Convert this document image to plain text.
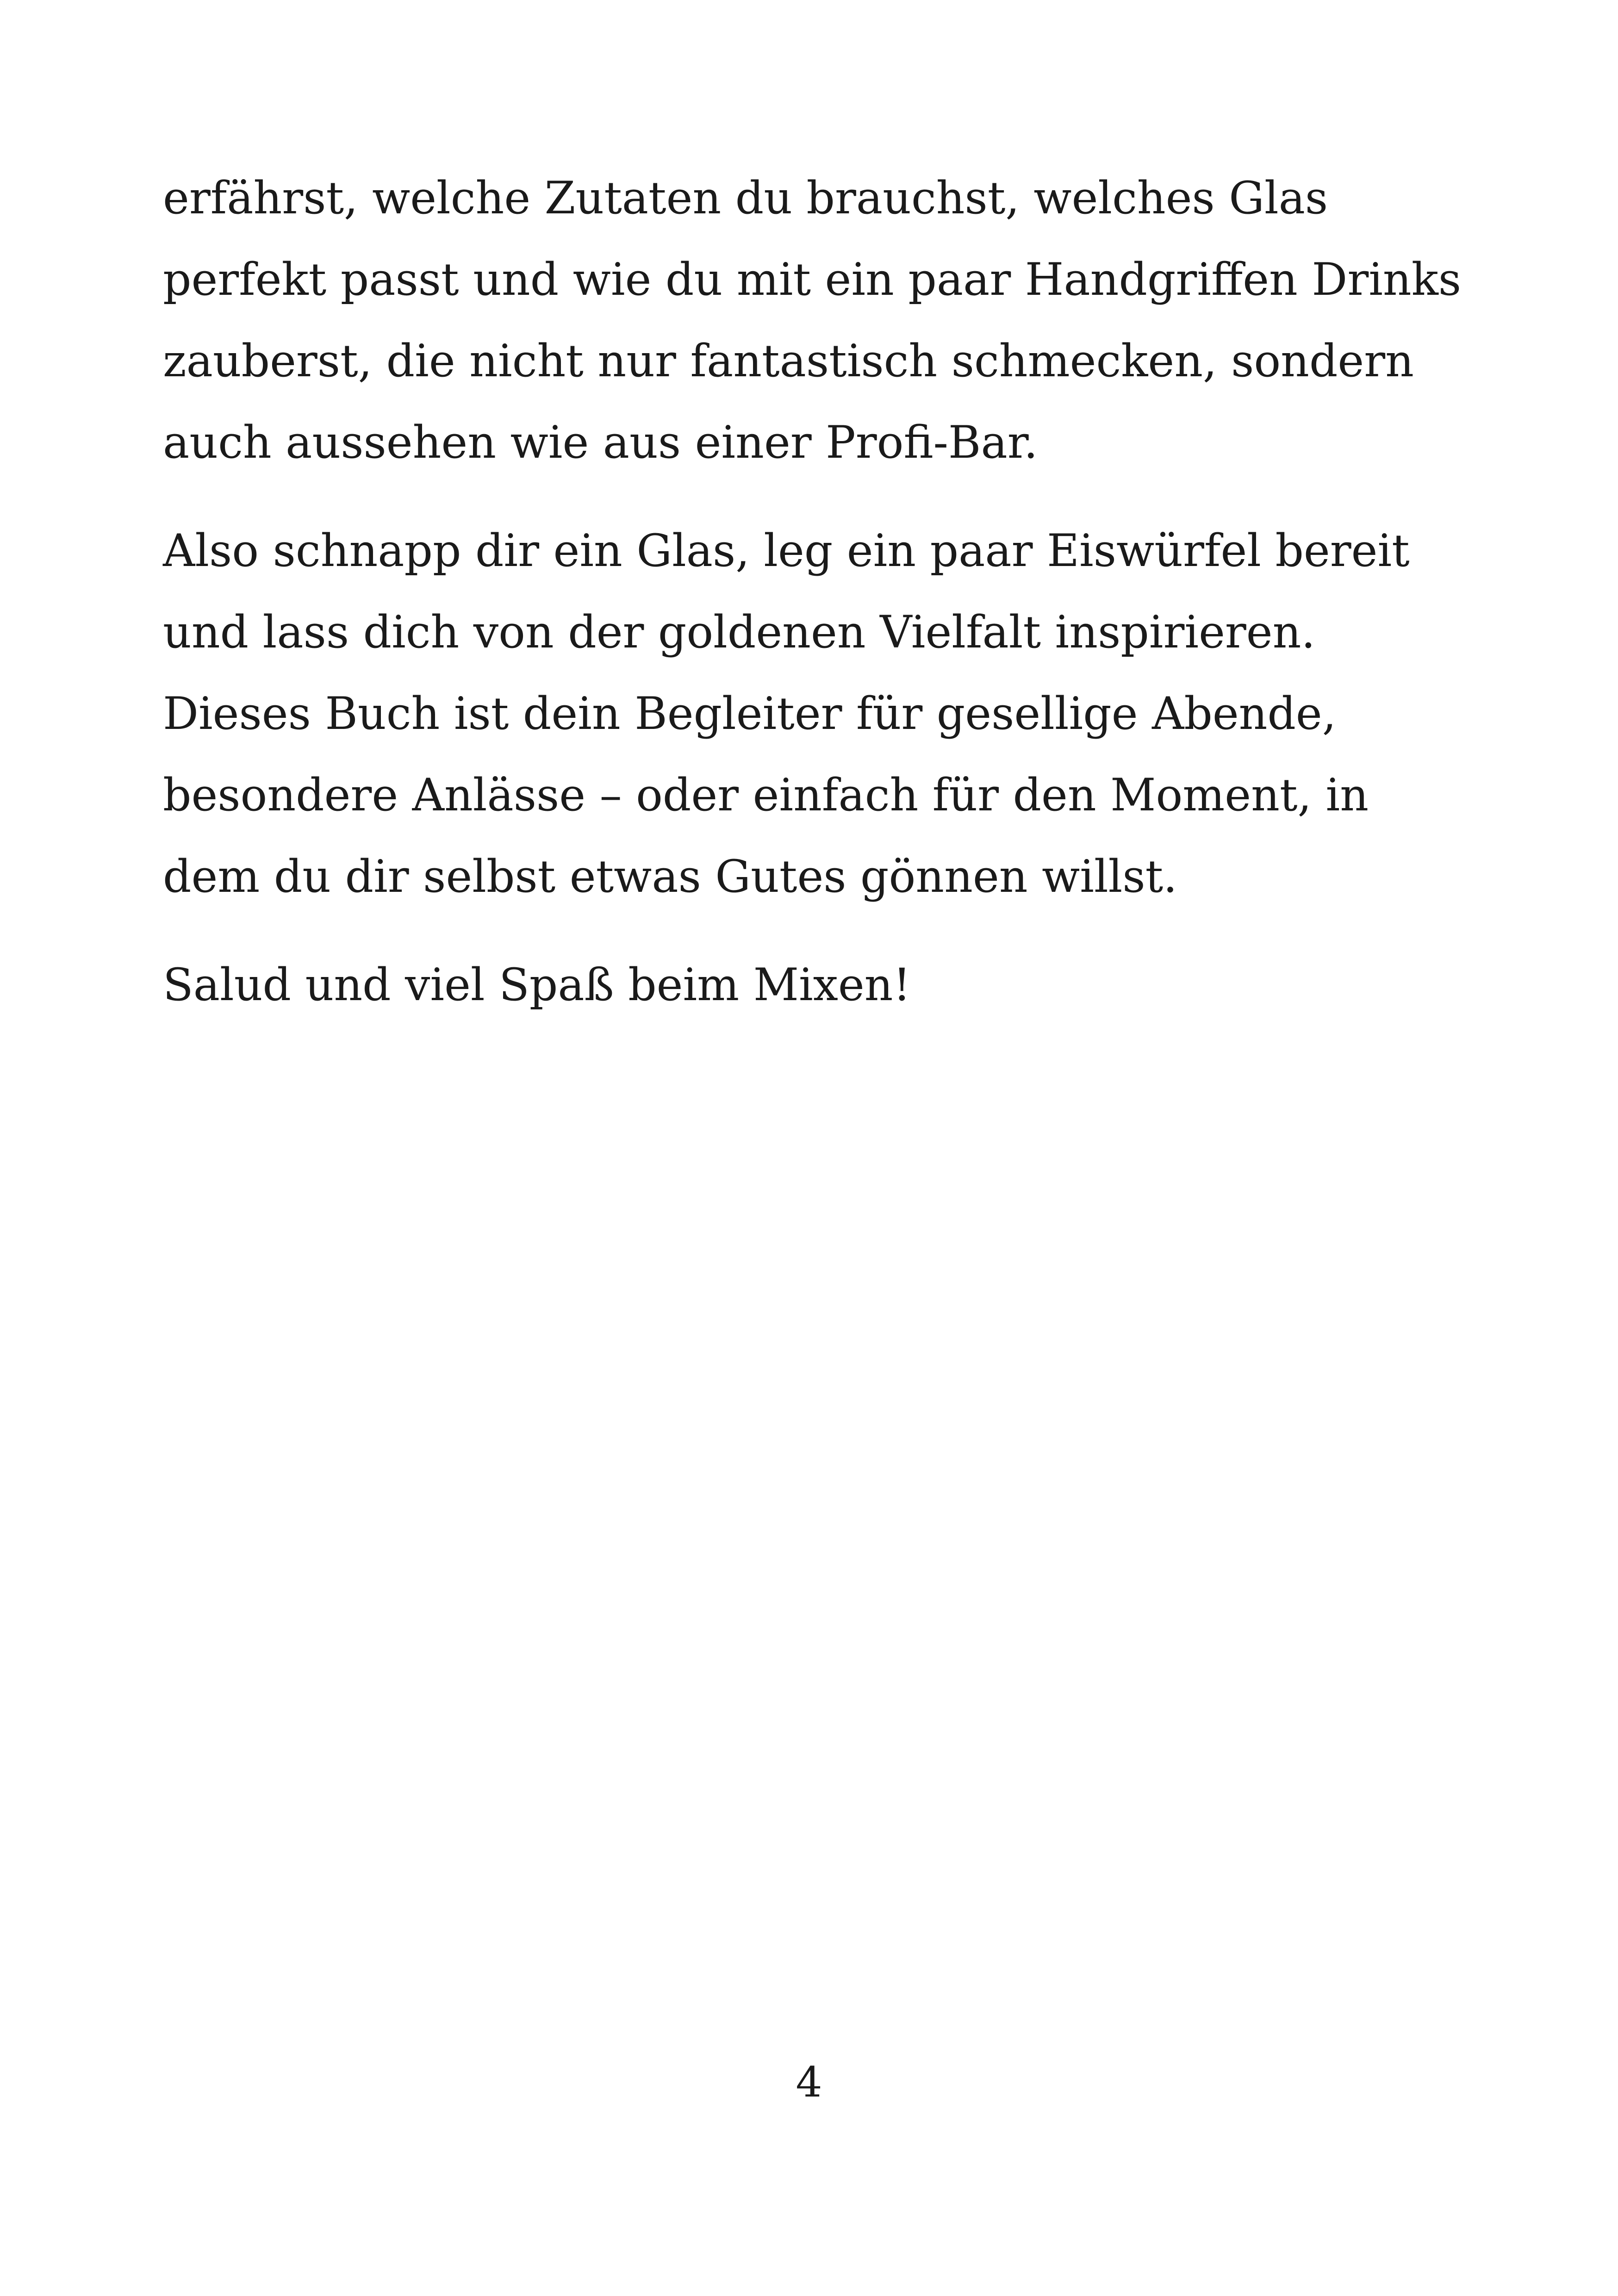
erfährst, welche Zutaten du brauchst, welches Glas
perfekt passt und wie du mit ein paar Handgriffen Drinks
zauberst, die nicht nur fantastisch schmecken, sondern
auch aussehen wie aus einer Profi-Bar.

Also schnapp dir ein Glas, leg ein paar Eiswürfel bereit
und lass dich von der goldenen Vielfalt inspirieren.
Dieses Buch ist dein Begleiter für gesellige Abende,
besondere Anlässe – oder einfach für den Moment, in
dem du dir selbst etwas Gutes gönnen willst.

Salud und viel Spaß beim Mixen!

4
